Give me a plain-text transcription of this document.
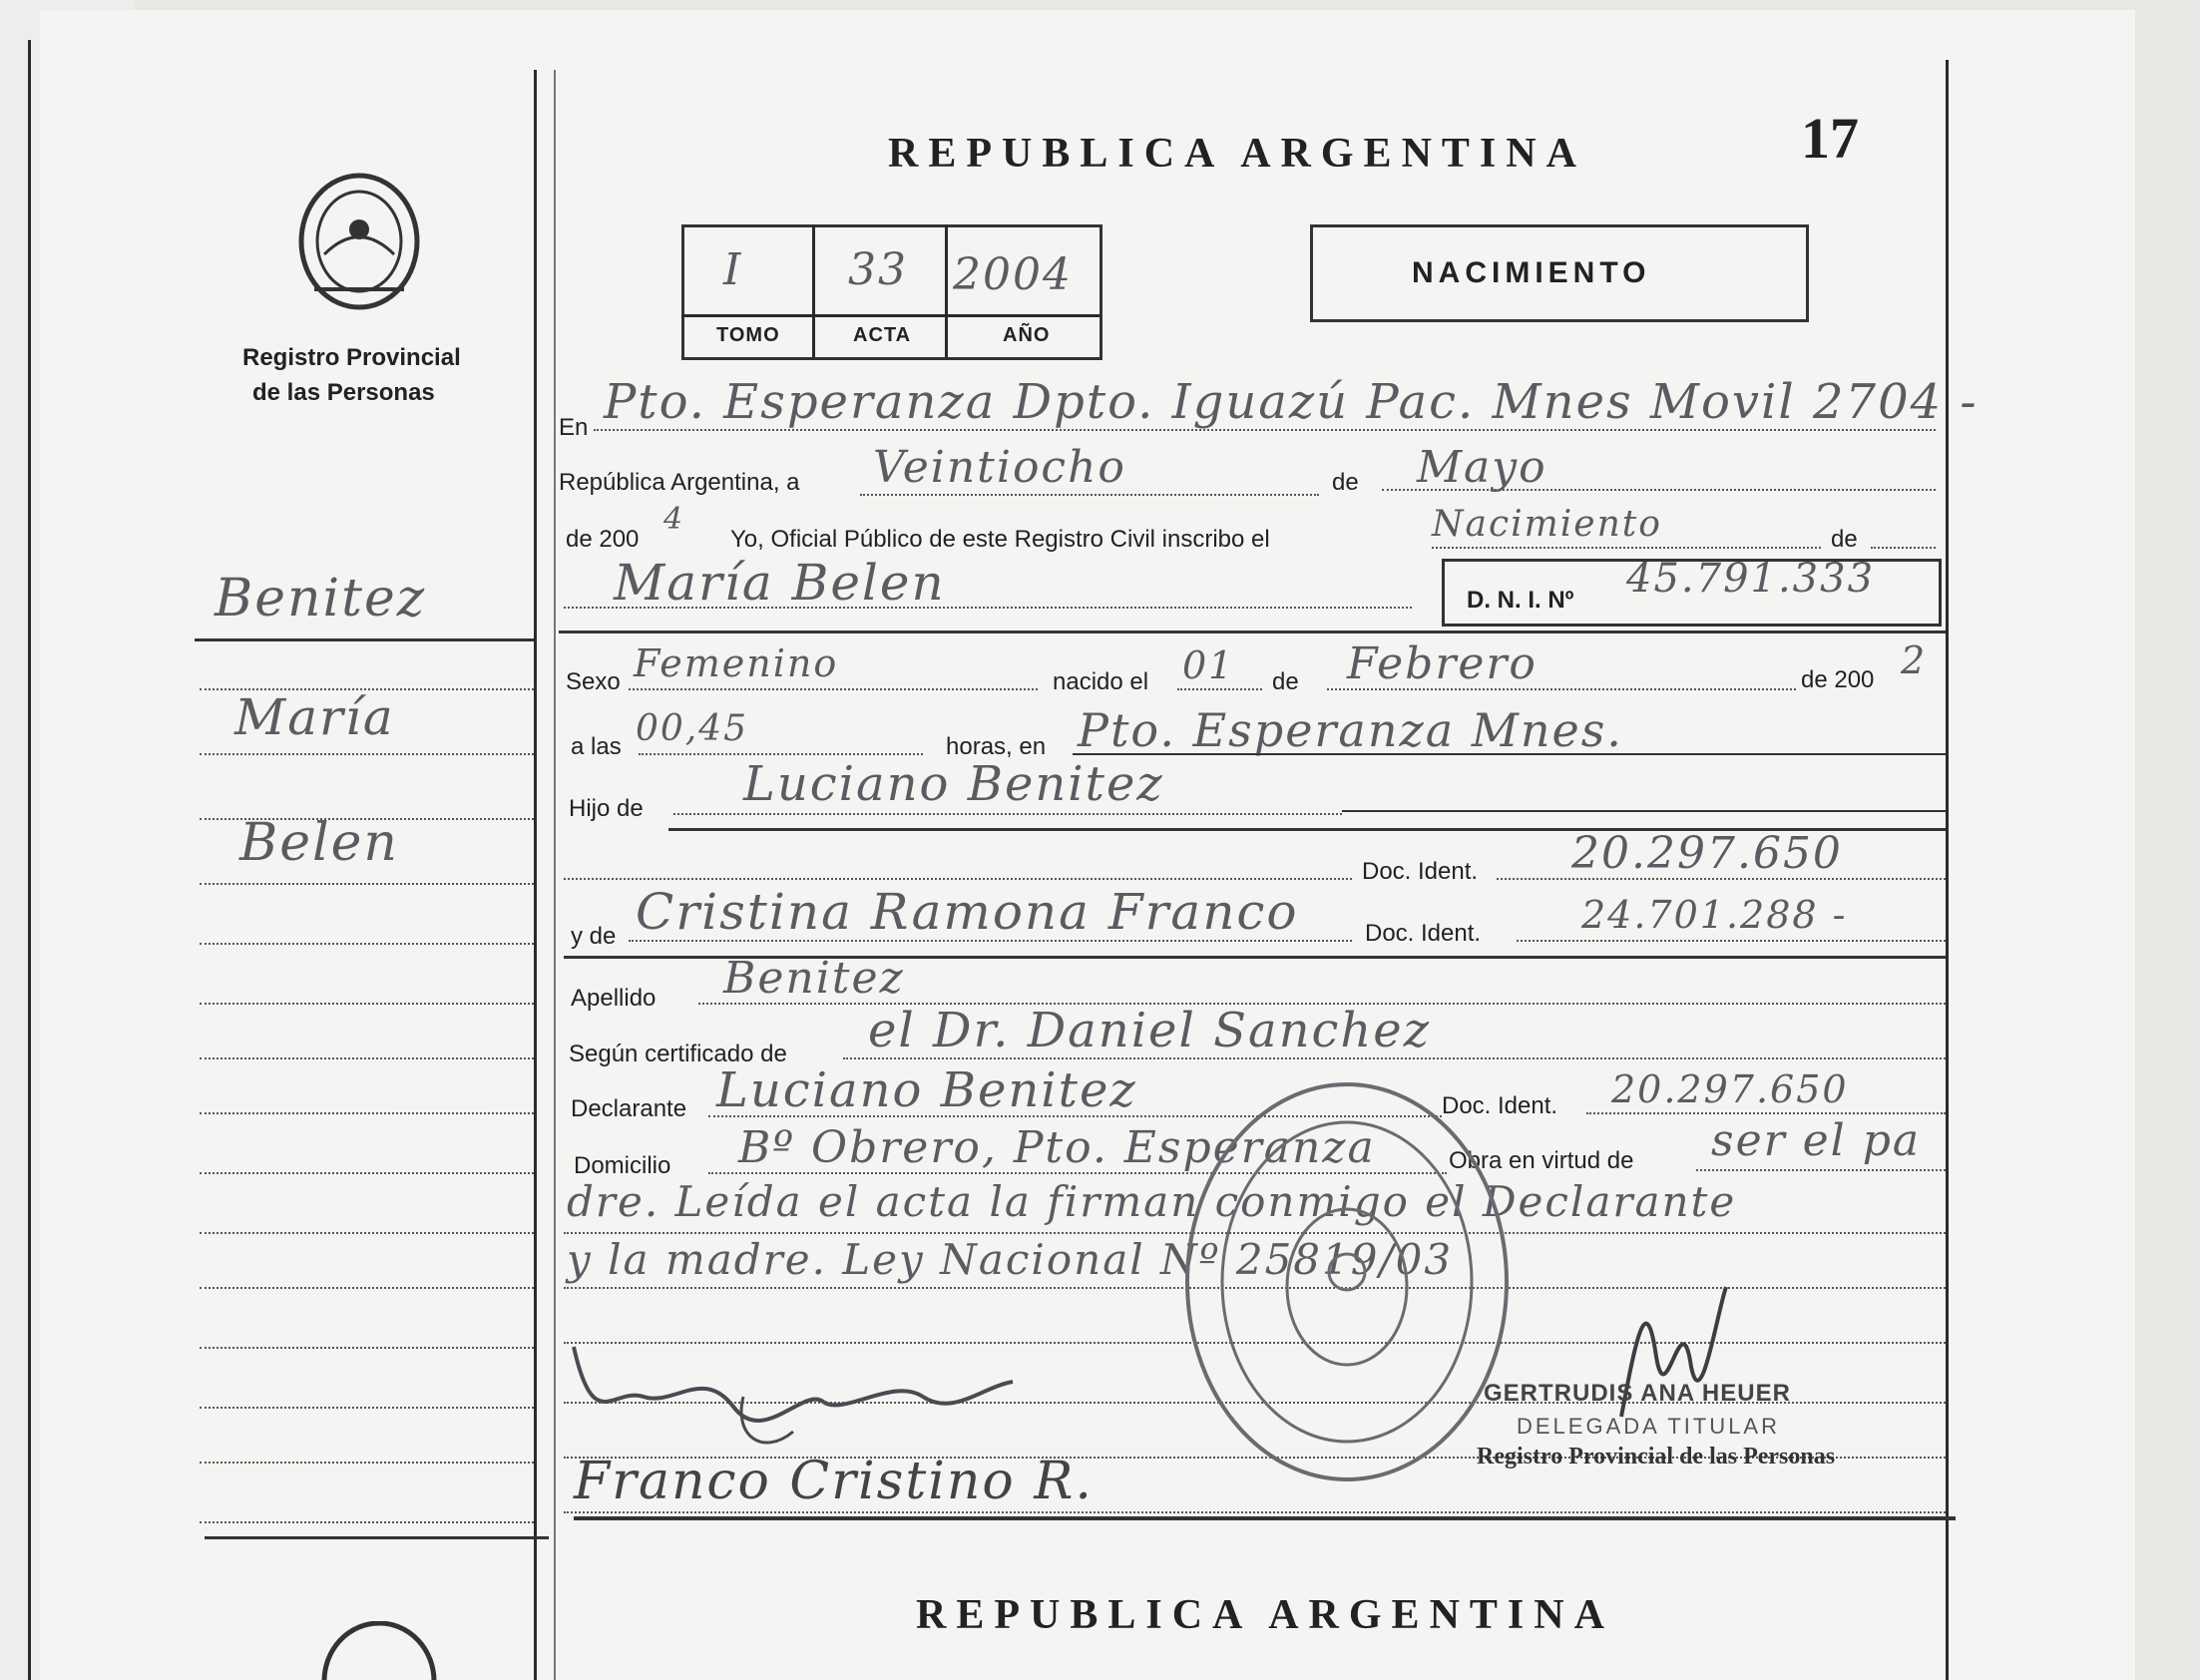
Registro Provincial
de las Personas
Benitez
María
Belen
REPUBLICA ARGENTINA	17
I 33 2004
TOMO	ACTA	AÑO
NACIMIENTO
En Pto. Esperanza Dpto. Iguazú Pac. Mnes Movil 2704 -
República Argentina, a Veintiocho	de Mayo
de 200
4
Yo, Oficial Público de este Registro Civil inscribo el	Nacimiento	de
María Belen	D. N. I. Nº 45.791.333
Sexo Femenino	nacido el 01 de Febrero	de 200 2
a las 00,45	horas, en Pto. Esperanza Mnes.
Hijo de Luciano Benitez
Doc. Ident. 20.297.650
y de Cristina Ramona Franco	Doc. Ident.	24.701.288 -
Apellido Benitez
Según certificado de el Dr. Daniel Sanchez
Declarante Luciano Benitez	Doc. Ident. 20.297.650
Domicilio Bº Obrero, Pto. Esperanza	Obra en virtud de ser el pa
dre. Leída el acta la firman conmigo el Declarante
y la madre. Ley Nacional Nº 25819/03
Franco Cristino R.
GERTRUDIS ANA HEUER
DELEGADA TITULAR
Registro Provincial de las Personas
REPUBLICA ARGENTINA
